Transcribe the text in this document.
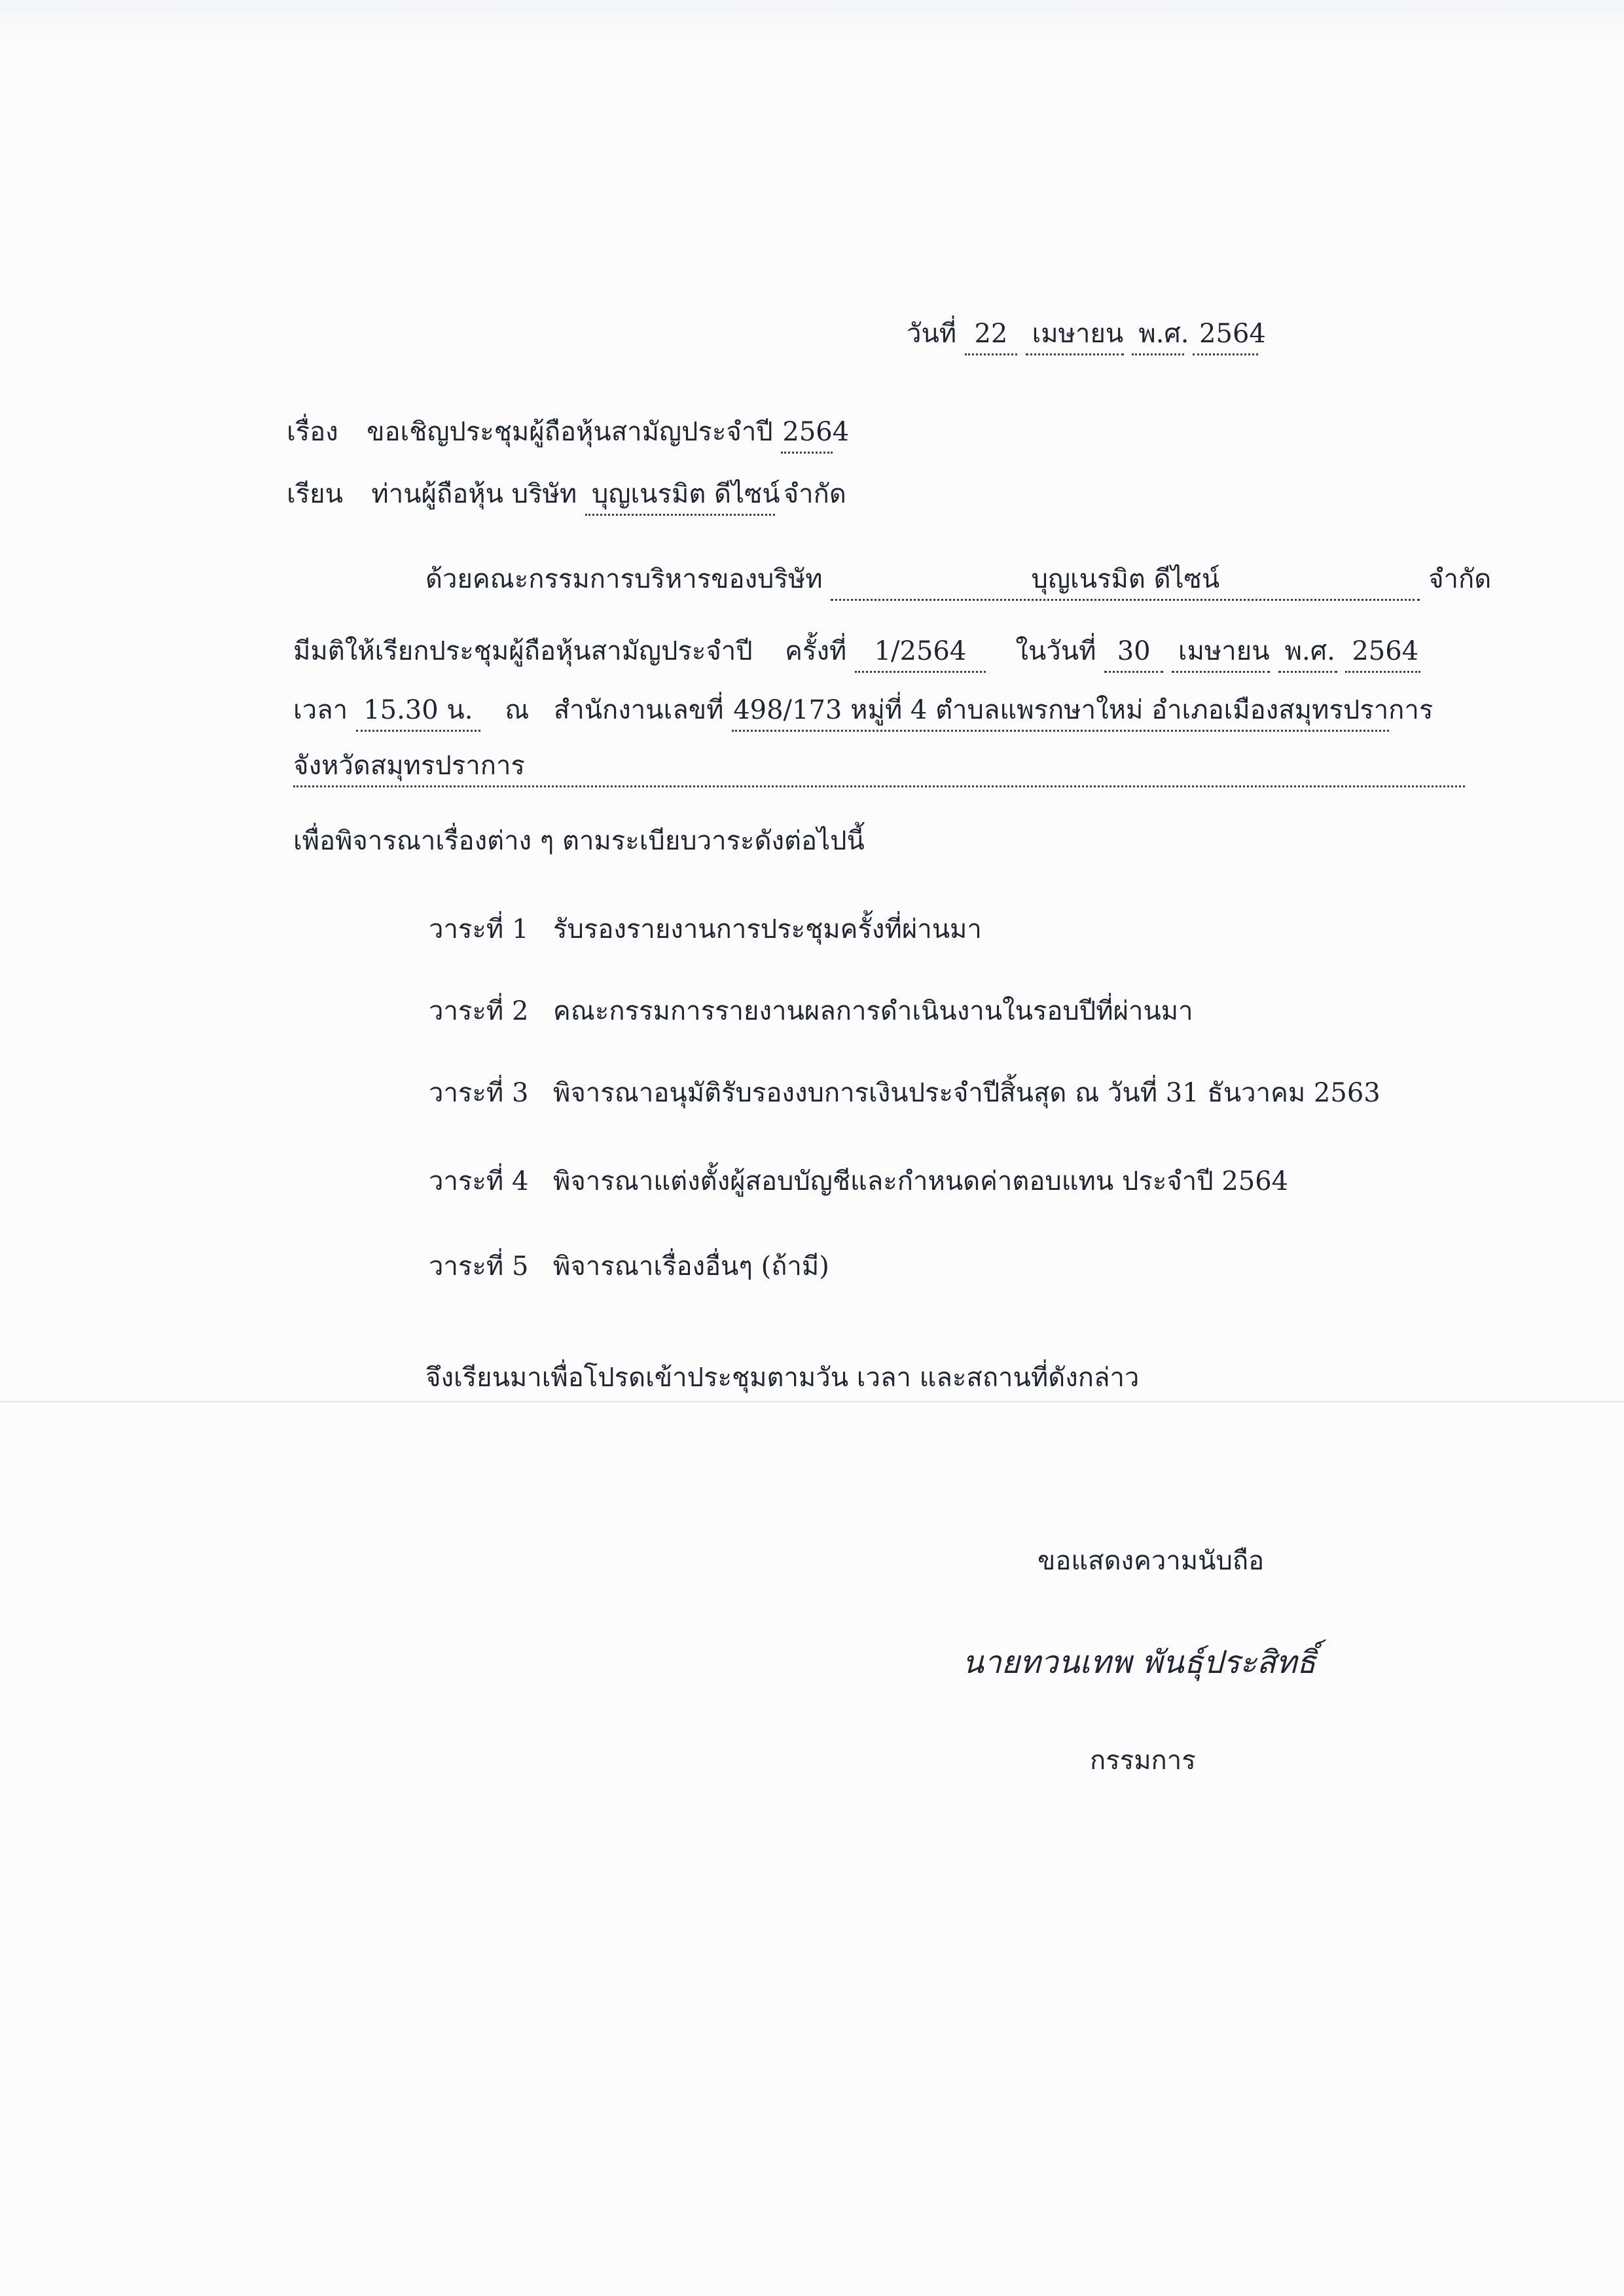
วันที่ 22 เมษายน พ.ศ. 2564
เรื่อง ขอเชิญประชุมผู้ถือหุ้นสามัญประจำปี 2564
เรียน ท่านผู้ถือหุ้น บริษัท บุญเนรมิต ดีไซน์ จำกัด
ด้วยคณะกรรมการบริหารของบริษัท	บุญเนรมิต ดีไซน์	จำกัด
มีมติให้เรียกประชุมผู้ถือหุ้นสามัญประจำปี ครั้งที่ 1/2564 ในวันที่ 30 เมษายน พ.ศ. 2564
เวลา 15.30 น. ณ สำนักงานเลขที่ 498/173 หมู่ที่ 4 ตำบลแพรกษาใหม่ อำเภอเมืองสมุทรปราการ
จังหวัดสมุทรปราการ
เพื่อพิจารณาเรื่องต่าง ๆ ตามระเบียบวาระดังต่อไปนี้
วาระที่ 1 รับรองรายงานการประชุมครั้งที่ผ่านมา
วาระที่ 2 คณะกรรมการรายงานผลการดำเนินงานในรอบปีที่ผ่านมา
วาระที่ 3 พิจารณาอนุมัติรับรองงบการเงินประจำปีสิ้นสุด ณ วันที่ 31 ธันวาคม 2563
วาระที่ 4 พิจารณาแต่งตั้งผู้สอบบัญชีและกำหนดค่าตอบแทน ประจำปี 2564
วาระที่ 5 พิจารณาเรื่องอื่นๆ (ถ้ามี)
จึงเรียนมาเพื่อโปรดเข้าประชุมตามวัน เวลา และสถานที่ดังกล่าว
ขอแสดงความนับถือ
นายทวนเทพ พันธุ์ประสิทธิ์
กรรมการ
